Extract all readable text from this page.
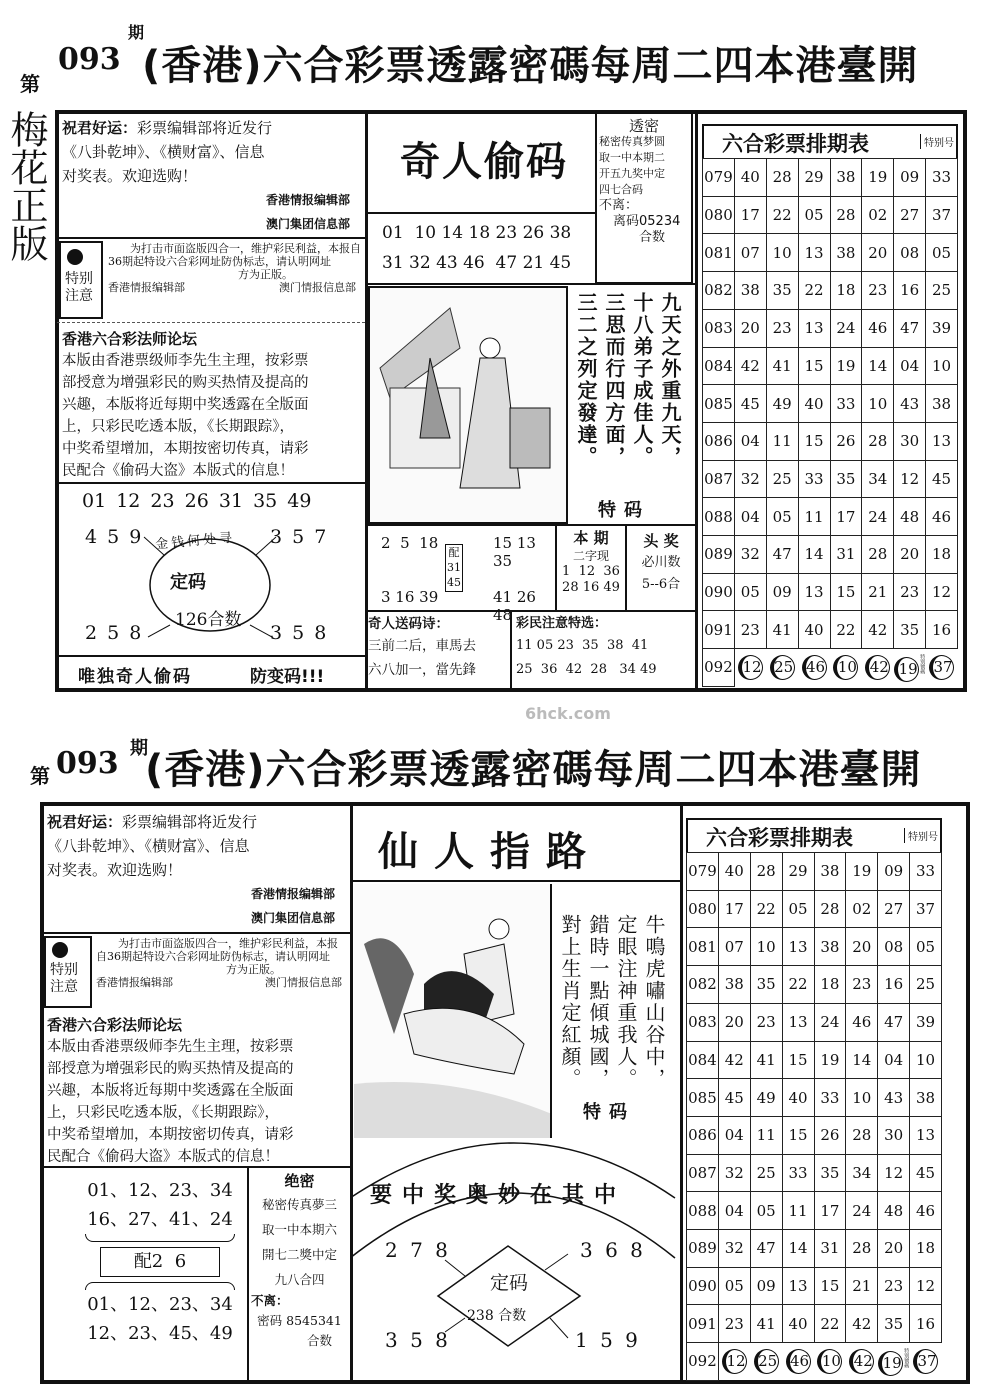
梅花正版
第
093
期
(香港)六合彩票透露密碼每周二四本港臺開
祝君好运：彩票编辑部将近发行
《八卦乾坤》、《横财富》、信息
对奖表。欢迎选购！
香港情报编辑部
澳门集团信息部
特别注意
为打击市面盗版四合一，维护彩民利益，本报自36期起特设六合彩网址防伪标志，请认明网址
方为正版。
香港情报编辑部	澳门情报信息部
香港六合彩法师论坛
本版由香港票级师李先生主理，按彩票
部授意为增强彩民的购买热情及提高的
兴趣，本版将近每期中奖透露在全版面
上，只彩民吃透本版，《长期跟踪》，
中奖希望增加，本期按密切传真，请彩
民配合《偷码大盗》本版式的信息！
01 12 23 26 31 35 49
金钱何处寻
定码
126合数
4 5 9	3 5 7
2 5 8	3 5 8
唯独奇人偷码	防变码!!!
奇人偷码
01  10 14 18 23 26 38
31 32 43 46  47 21 45
透密
秘密传真梦圆
取一中本期二
开五九奖中定
四七合码
不离：
离码05234
合数
九天之外重九天，
十八弟子成佳人。
三思而行四方面，
三二之列定發達。
特码
2  5  18
3 16 39
配
31
45
15 13 35
41 26 48
本 期
二字现
1  12  36
28 16 49
头 奖
必川数
5--6合
奇人送码诗：
三前二后，車馬去
六八加一，當先鋒
彩民注意特选：
11 05 23  35  38  41
25  36  42  28   34 49
六合彩票排期表	特别号
079	40	28	29	38	19	09	33
080	17	22	05	28	02	27	37
081	07	10	13	38	20	08	05
082	38	35	22	18	23	16	25
083	20	23	13	24	46	47	39
084	42	41	15	19	14	04	10
085	45	49	40	33	10	43	38
086	04	11	15	26	28	30	13
087	32	25	33	35	34	12	45
088	04	05	11	17	24	48	46
089	32	47	14	31	28	20	18
090	05	09	13	15	21	23	12
091	23	41	40	22	42	35	16
092	12	25	46	10	42	19特别號碼	37
6hck.com
第 093 期
(香港)六合彩票透露密碼每周二四本港臺開
祝君好运：彩票编辑部将近发行
《八卦乾坤》、《横财富》、信息
对奖表。欢迎选购！
香港情报编辑部
澳门集团信息部
特别注意
为打击市面盗版四合一，维护彩民利益，本报自36期起特设六合彩网址防伪标志，请认明网址
方为正版。
香港情报编辑部	澳门情报信息部
香港六合彩法师论坛
本版由香港票级师李先生主理，按彩票
部授意为增强彩民的购买热情及提高的
兴趣，本版将近每期中奖透露在全版面
上，只彩民吃透本版，《长期跟踪》，
中奖希望增加，本期按密切传真，请彩
民配合《偷码大盗》本版式的信息！
01、12、23、34
16、27、41、24
配2  6
01、12、23、34
12、23、45、49
绝密
秘密传真夢三
取一中本期六
開七二獎中定
九八合四
不离：
密码 8545341
合数
仙人指路
牛鳴虎嘯山谷中，
定眼注神重我人。
錯時一點傾城國，
對上生肖定紅顏。
特码
要中奖奥妙在其中
定码
238 合数
2 7 8	3 6 8
3 5 8	1 5 9
六合彩票排期表	特别号
079	40	28	29	38	19	09	33
080	17	22	05	28	02	27	37
081	07	10	13	38	20	08	05
082	38	35	22	18	23	16	25
083	20	23	13	24	46	47	39
084	42	41	15	19	14	04	10
085	45	49	40	33	10	43	38
086	04	11	15	26	28	30	13
087	32	25	33	35	34	12	45
088	04	05	11	17	24	48	46
089	32	47	14	31	28	20	18
090	05	09	13	15	21	23	12
091	23	41	40	22	42	35	16
092	12	25	46	10	42	19特别號碼	37
